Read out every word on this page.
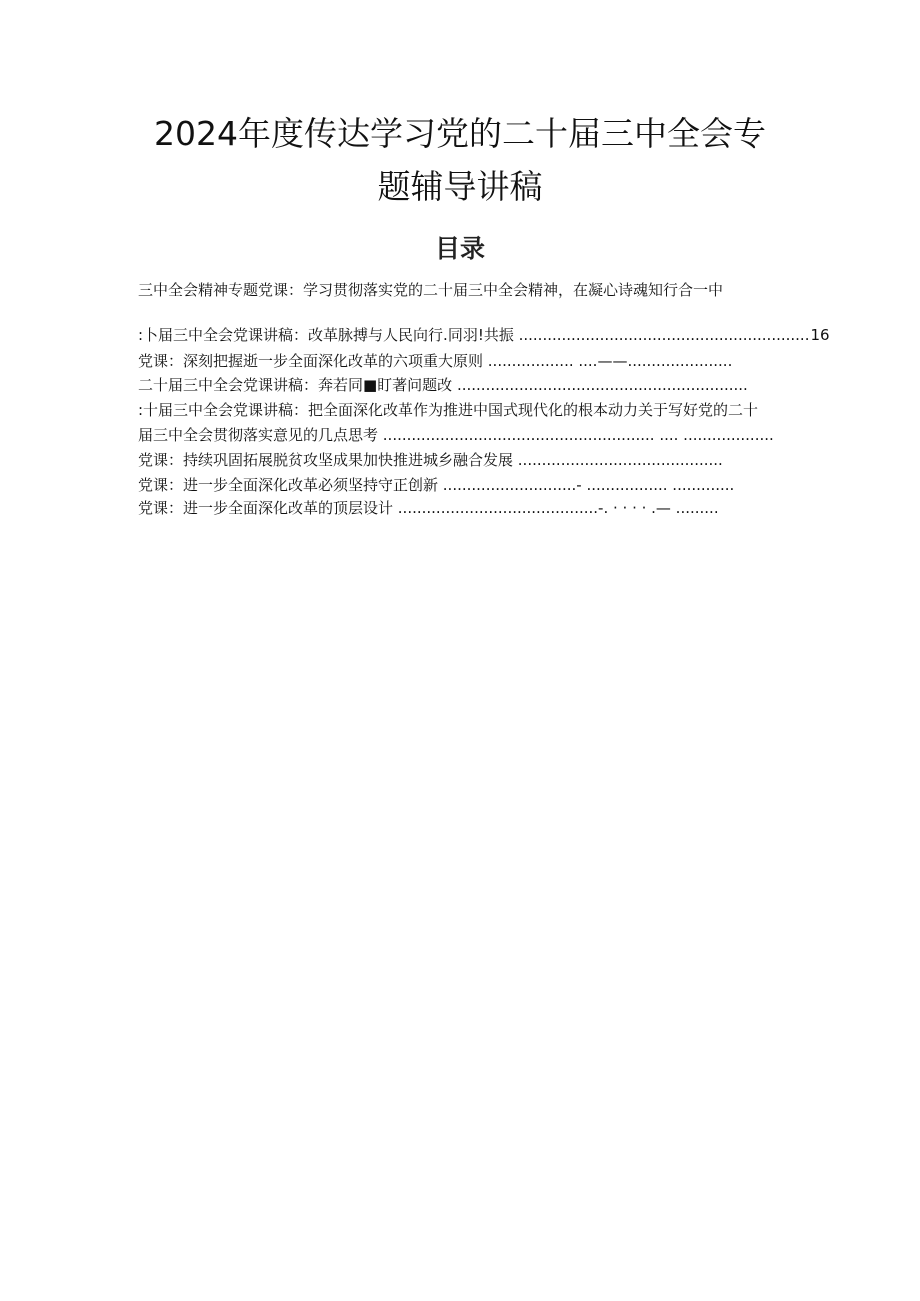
2024年度传达学习党的二十届三中全会专
题辅导讲稿
目录
三中全会精神专题党课：学习贯彻落实党的二十届三中全会精神，在凝心诗魂知行合一中
:卜届三中全会党课讲稿：改革脉搏与人民向行.同羽!共振 .............................................................16
党课：深刻把握逝一步全面深化改革的六项重大原则 .................. ....——......................
二十届三中全会党课讲稿：奔若同■盯著问题改 .............................................................
:十届三中全会党课讲稿：把全面深化改革作为推进中国式现代化的根本动力关于写好党的二十
届三中全会贯彻落实意见的几点思考 ......................................................... .... ...................
党课：持续巩固拓展脱贫攻坚成果加快推进城乡融合发展 ...........................................
党课：进一步全面深化改革必须坚持守正创新 ............................- ................. .............
党课：进一步全面深化改革的顶层设计 ..........................................-. · · · · .— .........
